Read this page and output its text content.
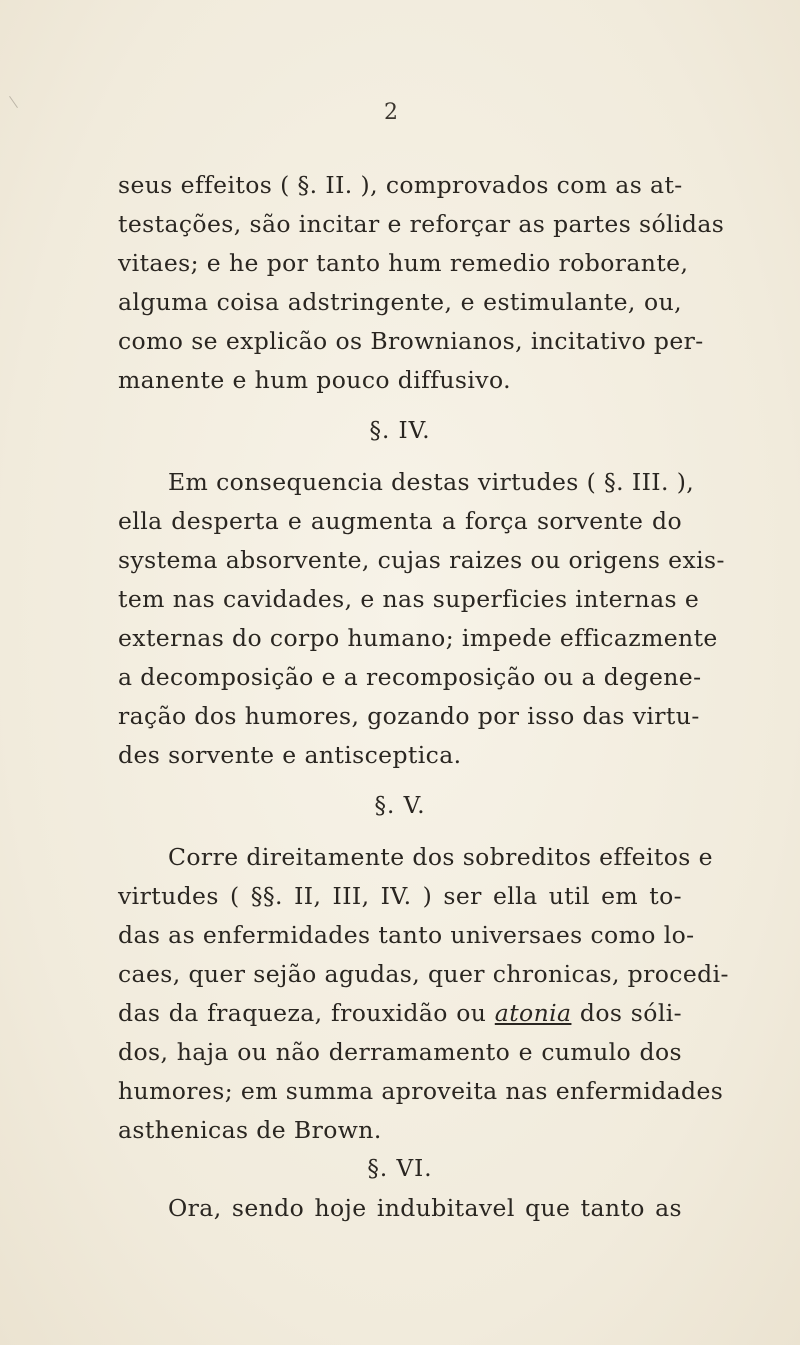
2
seus effeitos ( §. II. ), comprovados com as at-
testações, são incitar e reforçar as partes sólidas
vitaes; e he por tanto hum remedio roborante,
alguma coisa adstringente, e estimulante, ou,
como se explicão os Brownianos, incitativo per-
manente e hum pouco diffusivo.
§. IV.
Em consequencia destas virtudes ( §. III. ),
ella desperta e augmenta a força sorvente do
systema absorvente, cujas raizes ou origens exis-
tem nas cavidades, e nas superficies internas e
externas do corpo humano; impede efficazmente
a decomposição e a recomposição ou a degene-
ração dos humores, gozando por isso das virtu-
des sorvente e antisceptica.
§. V.
Corre direitamente dos sobreditos effeitos e
virtudes ( §§. II, III, IV. ) ser ella util em to-
das as enfermidades tanto universaes como lo-
caes, quer sejão agudas, quer chronicas, procedi-
das da fraqueza, frouxidão ou atonia dos sóli-
dos, haja ou não derramamento e cumulo dos
humores; em summa aproveita nas enfermidades
asthenicas de Brown.
§. VI.
Ora, sendo hoje indubitavel que tanto as
